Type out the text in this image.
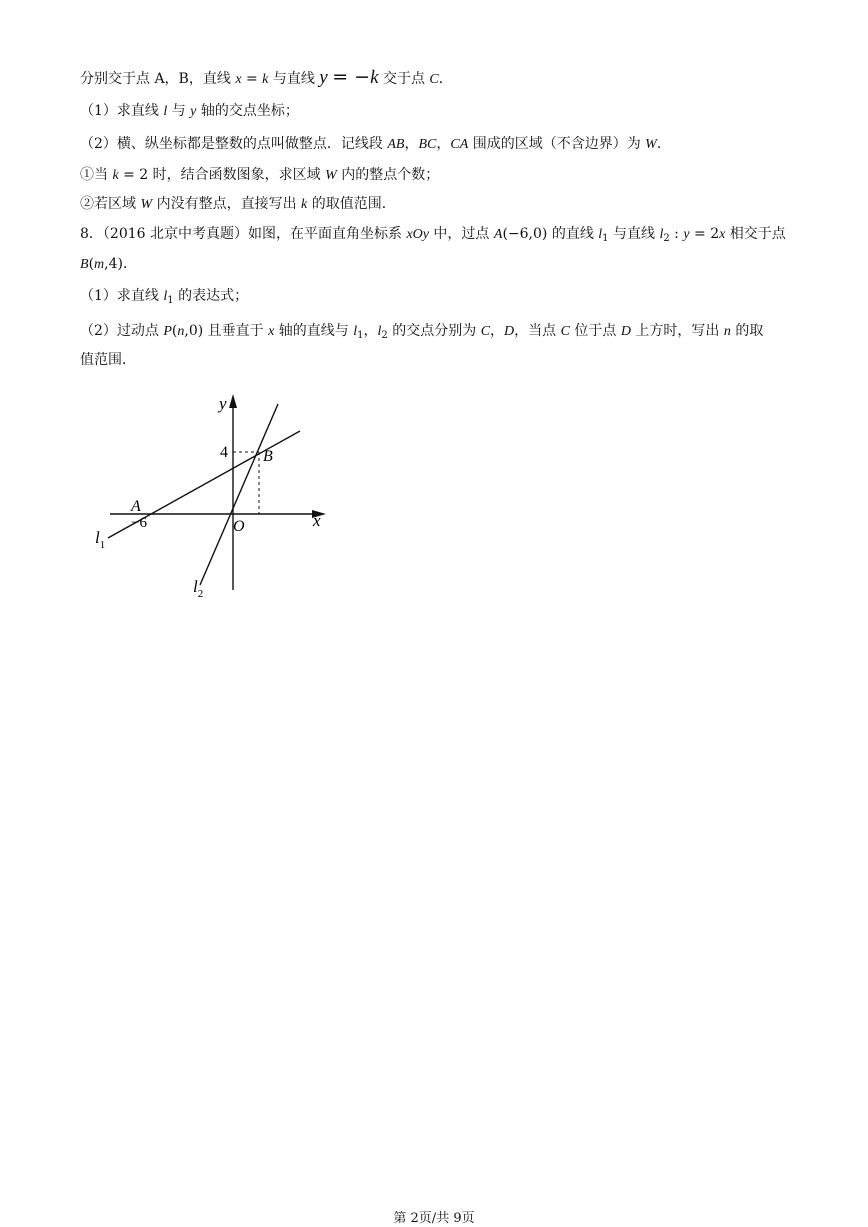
分别交于点 A，B，直线 x = k 与直线 y = −k 交于点 C．
（1）求直线 l 与 y 轴的交点坐标；
（2）横、纵坐标都是整数的点叫做整点．记线段 AB，BC，CA 围成的区域（不含边界）为 W．
①当 k = 2 时，结合函数图象，求区域 W 内的整点个数；
②若区域 W 内没有整点，直接写出 k 的取值范围．
8．（2016 北京中考真题）如图，在平面直角坐标系 xOy 中，过点 A(−6,0) 的直线 $l_1$ 与直线 $l_2$ : y = 2x 相交于点
B(m,4)．
（1）求直线 $l_1$ 的表达式；
（2）过动点 P(n,0) 且垂直于 x 轴的直线与 $l_1$，$l_2$ 的交点分别为 C，D，当点 C 位于点 D 上方时，写出 n 的取
值范围．
y
x
O
4 B
A
−6
$l_1$
$l_2$
第 2页/共 9页
